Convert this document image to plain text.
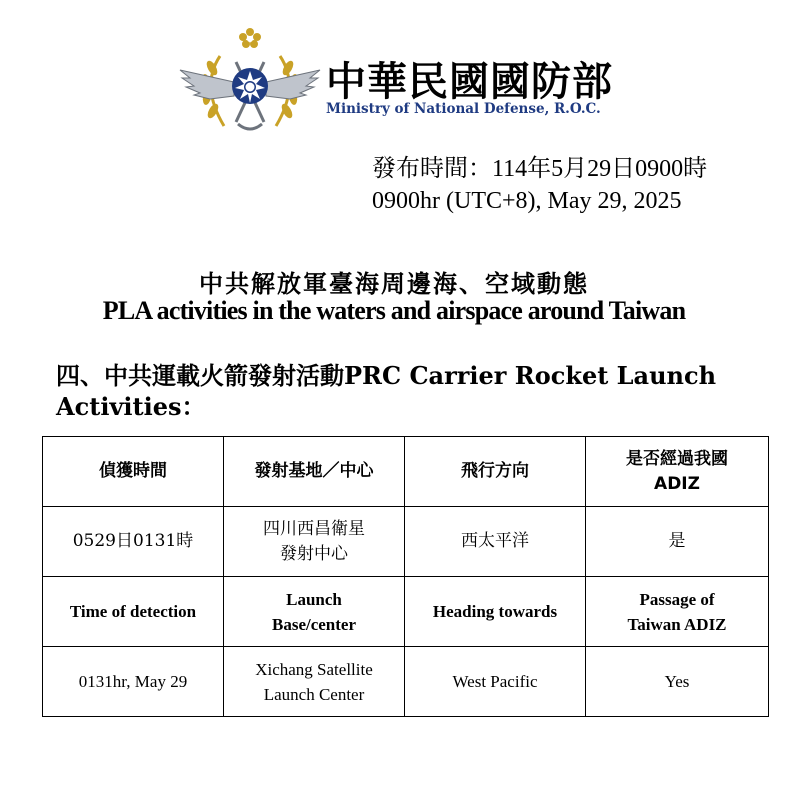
中華民國國防部
Ministry of National Defense, R.O.C.
發布時間：114年5月29日0900時
0900hr (UTC+8), May 29, 2025
中共解放軍臺海周邊海、空域動態
PLA activities in the waters and airspace around Taiwan
四、中共運載火箭發射活動PRC Carrier Rocket Launch Activities：
偵獲時間	發射基地／中心	飛行方向	是否經過我國ADIZ
0529日0131時	四川西昌衛星發射中心	西太平洋	是
Time of detection	Launch Base/center	Heading towards	Passage of Taiwan ADIZ
0131hr, May 29	Xichang Satellite Launch Center	West Pacific	Yes
